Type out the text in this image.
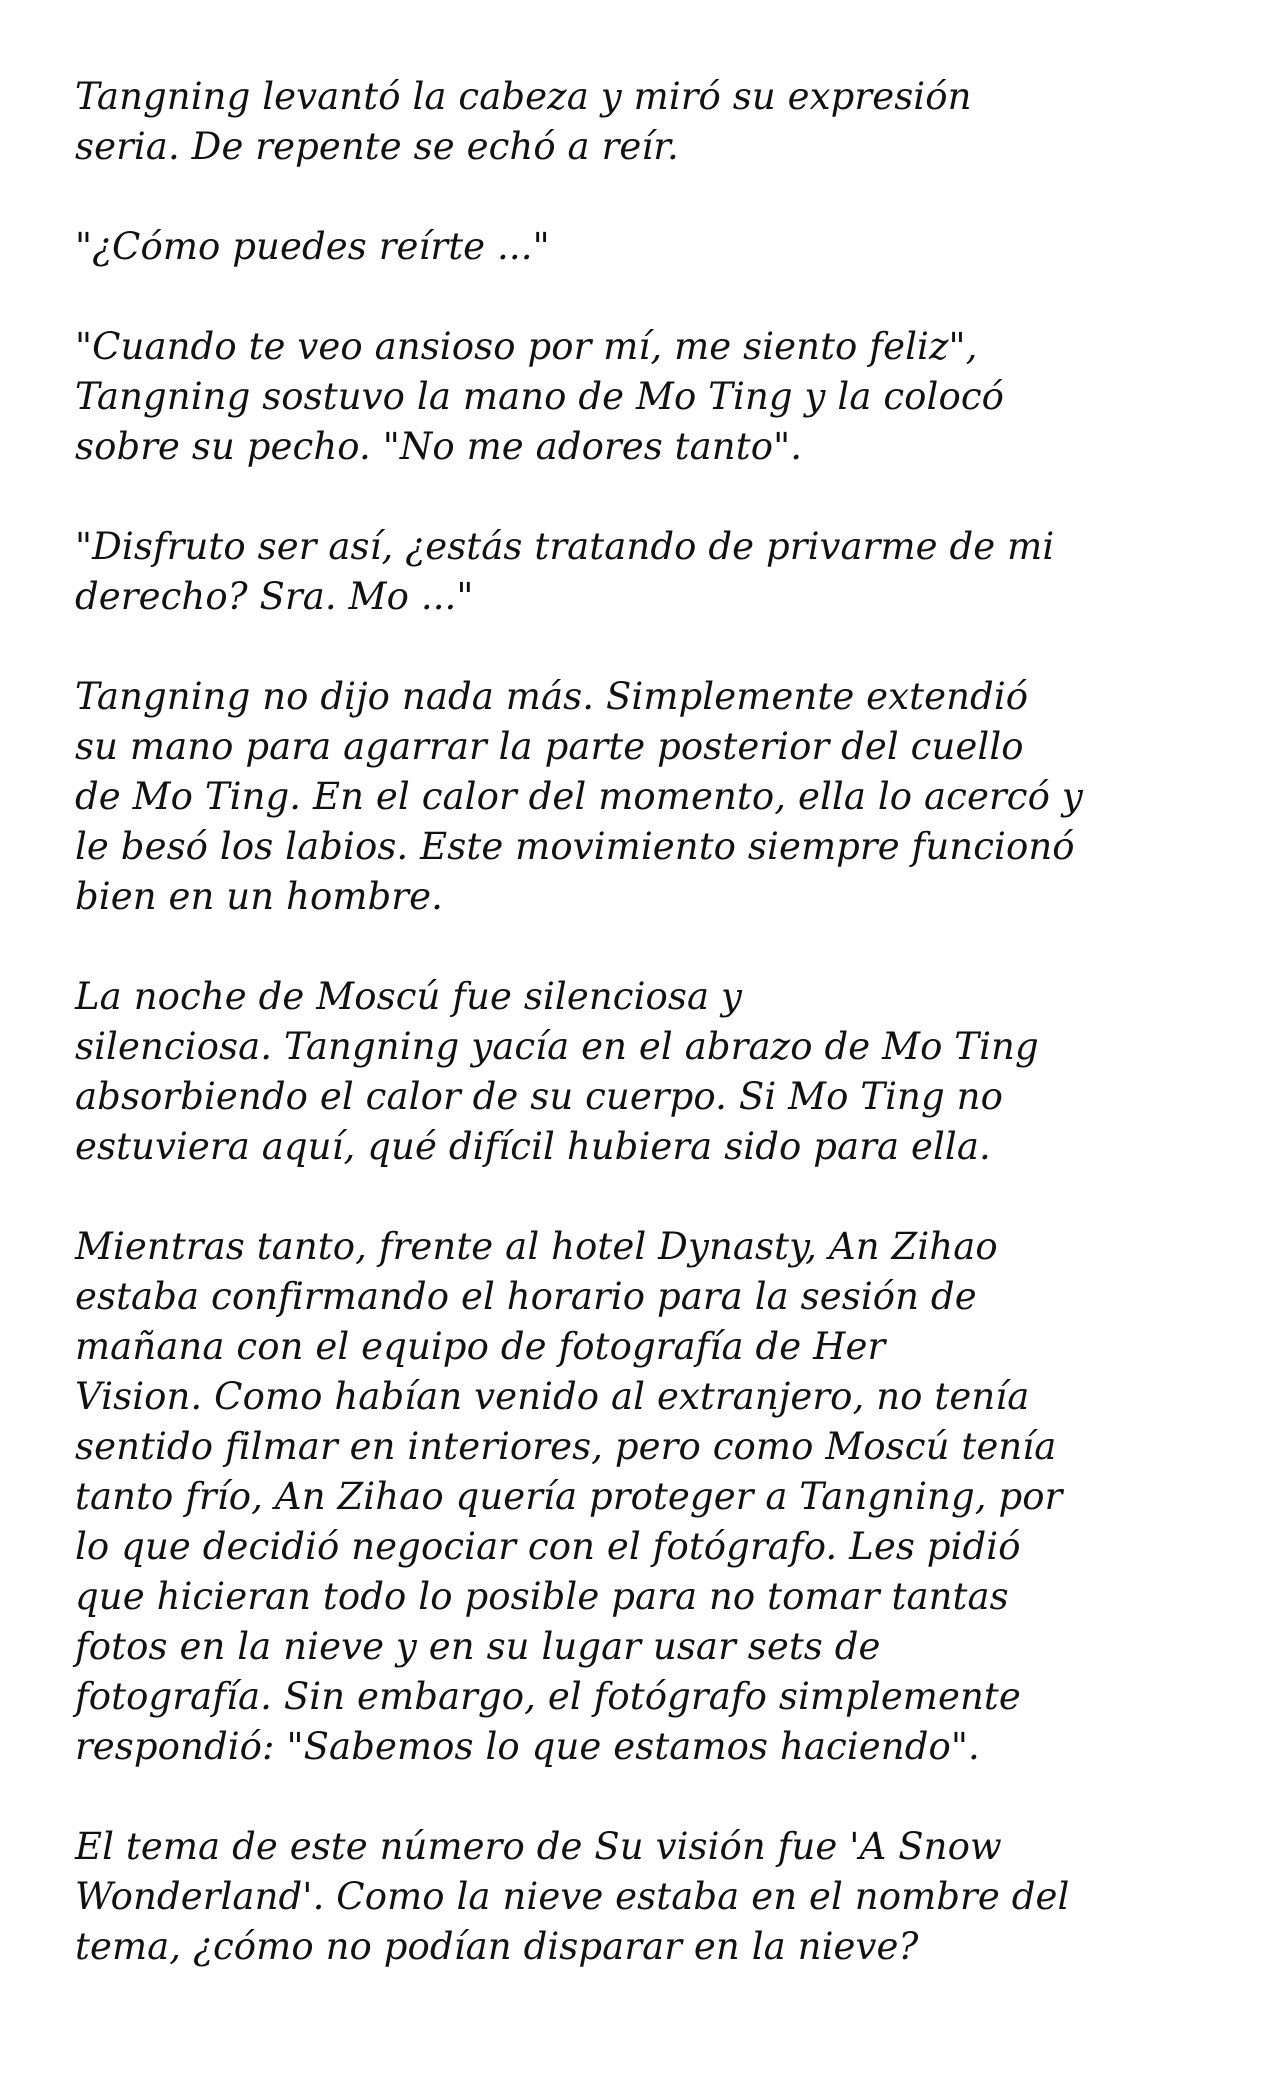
Tangning levantó la cabeza y miró su expresión
seria. De repente se echó a reír.

"¿Cómo puedes reírte ..."

"Cuando te veo ansioso por mí, me siento feliz",
Tangning sostuvo la mano de Mo Ting y la colocó
sobre su pecho. "No me adores tanto".

"Disfruto ser así, ¿estás tratando de privarme de mi
derecho? Sra. Mo ..."

Tangning no dijo nada más. Simplemente extendió
su mano para agarrar la parte posterior del cuello
de Mo Ting. En el calor del momento, ella lo acercó y
le besó los labios. Este movimiento siempre funcionó
bien en un hombre.

La noche de Moscú fue silenciosa y
silenciosa. Tangning yacía en el abrazo de Mo Ting
absorbiendo el calor de su cuerpo. Si Mo Ting no
estuviera aquí, qué difícil hubiera sido para ella.

Mientras tanto, frente al hotel Dynasty, An Zihao
estaba confirmando el horario para la sesión de
mañana con el equipo de fotografía de Her
Vision. Como habían venido al extranjero, no tenía
sentido filmar en interiores, pero como Moscú tenía
tanto frío, An Zihao quería proteger a Tangning, por
lo que decidió negociar con el fotógrafo. Les pidió
que hicieran todo lo posible para no tomar tantas
fotos en la nieve y en su lugar usar sets de
fotografía. Sin embargo, el fotógrafo simplemente
respondió: "Sabemos lo que estamos haciendo".

El tema de este número de Su visión fue 'A Snow
Wonderland'. Como la nieve estaba en el nombre del
tema, ¿cómo no podían disparar en la nieve?
